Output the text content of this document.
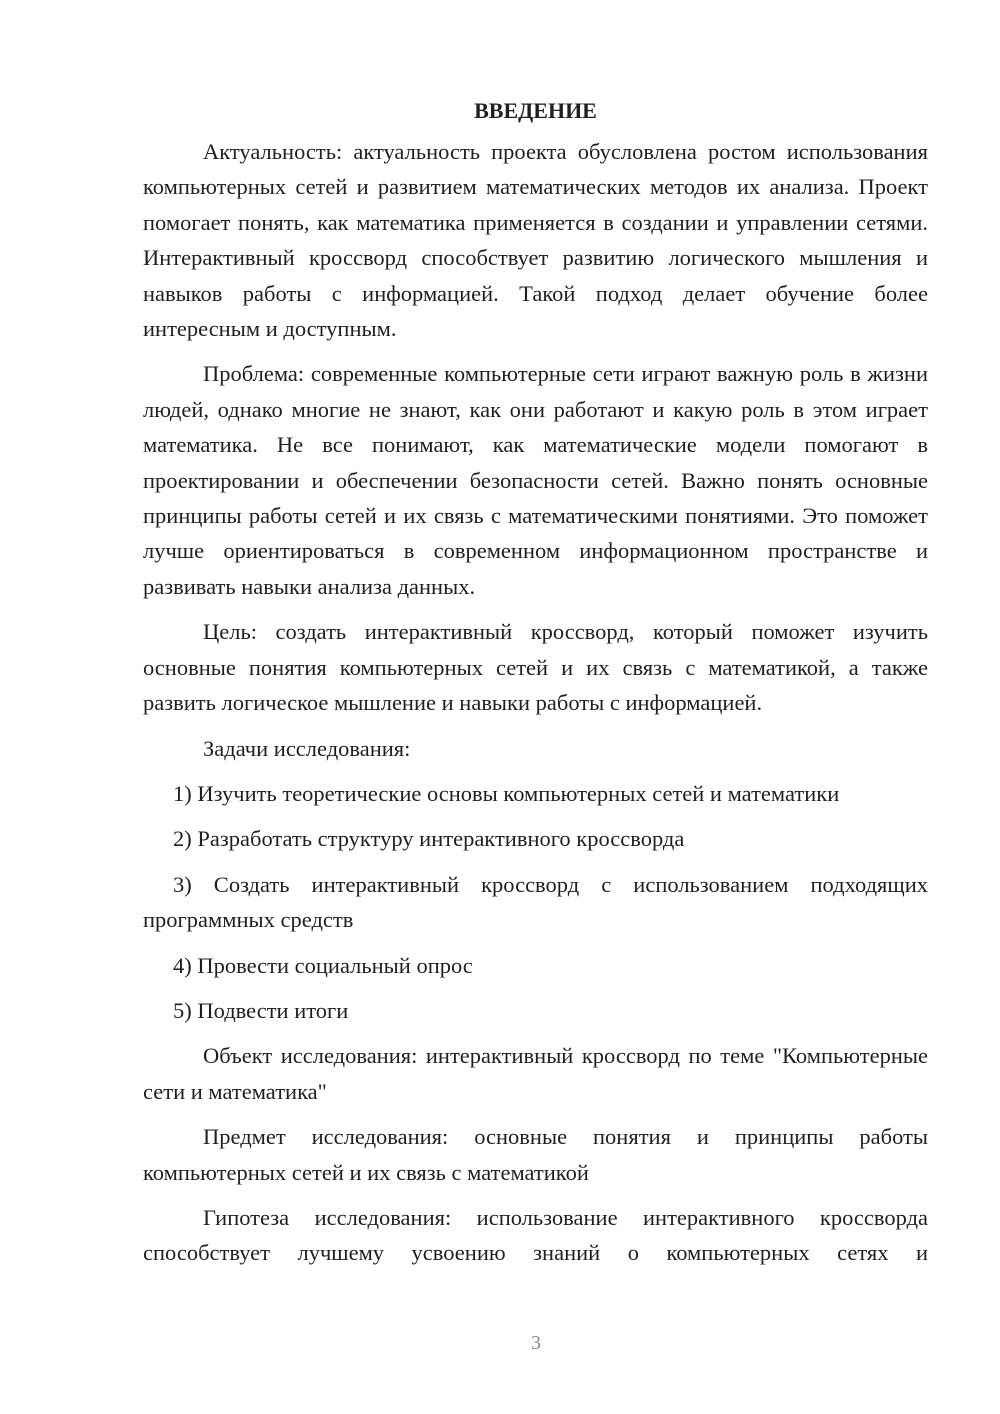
ВВЕДЕНИЕ

Актуальность: актуальность проекта обусловлена ростом использования компьютерных сетей и развитием математических методов их анализа. Проект помогает понять, как математика применяется в создании и управлении сетями. Интерактивный кроссворд способствует развитию логического мышления и навыков работы с информацией. Такой подход делает обучение более интересным и доступным.

Проблема: современные компьютерные сети играют важную роль в жизни людей, однако многие не знают, как они работают и какую роль в этом играет математика. Не все понимают, как математические модели помогают в проектировании и обеспечении безопасности сетей. Важно понять основные принципы работы сетей и их связь с математическими понятиями. Это поможет лучше ориентироваться в современном информационном пространстве и развивать навыки анализа данных.

Цель: создать интерактивный кроссворд, который поможет изучить основные понятия компьютерных сетей и их связь с математикой, а также развить логическое мышление и навыки работы с информацией.

Задачи исследования:

1) Изучить теоретические основы компьютерных сетей и математики

2) Разработать структуру интерактивного кроссворда

3) Создать интерактивный кроссворд с использованием подходящих программных средств

4) Провести социальный опрос

5) Подвести итоги

Объект исследования: интерактивный кроссворд по теме "Компьютерные сети и математика"

Предмет исследования: основные понятия и принципы работы компьютерных сетей и их связь с математикой

Гипотеза исследования: использование интерактивного кроссворда способствует лучшему усвоению знаний о компьютерных сетях и

3
